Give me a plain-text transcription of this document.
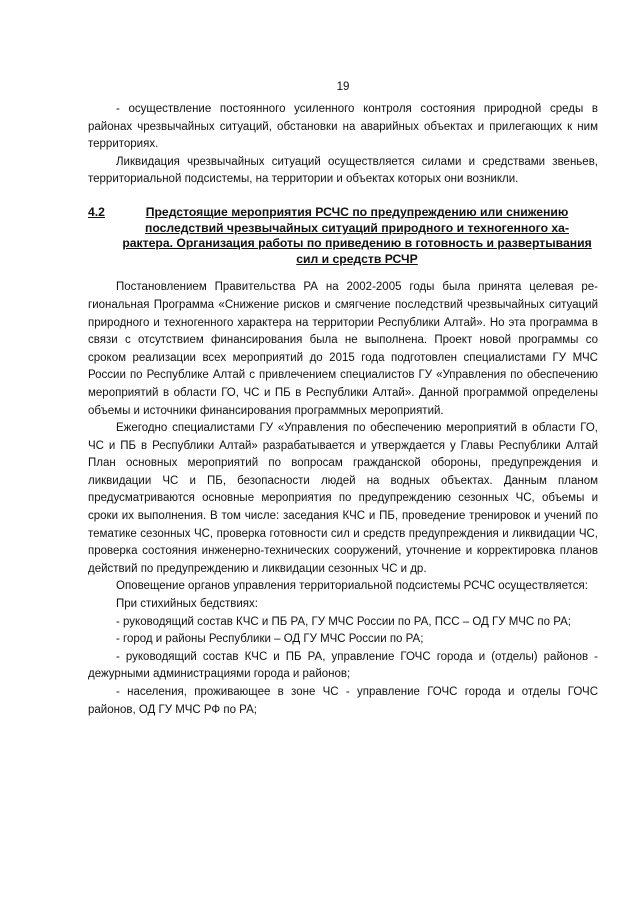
19

- осуществление постоянного усиленного контроля состояния природной среды в районах чрезвычайных ситуаций, обстановки на аварийных объектах и прилегающих к ним территориях.

Ликвидация чрезвычайных ситуаций осуществляется силами и средствами звеньев, территориальной подсистемы, на территории и объектах которых они возникли.

4.2	Предстоящие мероприятия РСЧС по предупреждению или снижению последствий чрезвычайных ситуаций природного и техногенного характера. Организация работы по приведению в готовность и развертывания сил и средств РСЧР

Постановлением Правительства РА на 2002-2005 годы была принята целевая региональная Программа «Снижение рисков и смягчение последствий чрезвычайных ситуаций природного и техногенного характера на территории Республики Алтай». Но эта программа в связи с отсутствием финансирования была не выполнена. Проект новой программы со сроком реализации всех мероприятий до 2015 года подготовлен специалистами ГУ МЧС России по Республике Алтай с привлечением специалистов ГУ «Управления по обеспечению мероприятий в области ГО, ЧС и ПБ в Республики Алтай». Данной программой определены объемы и источники финансирования программных мероприятий.

Ежегодно специалистами ГУ «Управления по обеспечению мероприятий в области ГО, ЧС и ПБ в Республики Алтай» разрабатывается и утверждается у Главы Республики Алтай План основных мероприятий по вопросам гражданской обороны, предупреждения и ликвидации ЧС и ПБ, безопасности людей на водных объектах. Данным планом предусматриваются основные мероприятия по предупреждению сезонных ЧС, объемы и сроки их выполнения. В том числе: заседания КЧС и ПБ, проведение тренировок и учений по тематике сезонных ЧС, проверка готовности сил и средств предупреждения и ликвидации ЧС, проверка состояния инженерно-технических сооружений, уточнение и корректировка планов действий по предупреждению и ликвидации сезонных ЧС и др.

Оповещение органов управления территориальной подсистемы РСЧС осуществляется:

При стихийных бедствиях:

- руководящий состав КЧС и ПБ РА, ГУ МЧС России по РА, ПСС – ОД ГУ МЧС по РА;

- город и районы Республики – ОД ГУ МЧС России по РА;

- руководящий состав КЧС и ПБ РА, управление ГОЧС города и (отделы) районов - дежурными администрациями города и районов;

- населения, проживающее в зоне ЧС - управление ГОЧС города и отделы ГОЧС районов, ОД ГУ МЧС РФ по РА;
